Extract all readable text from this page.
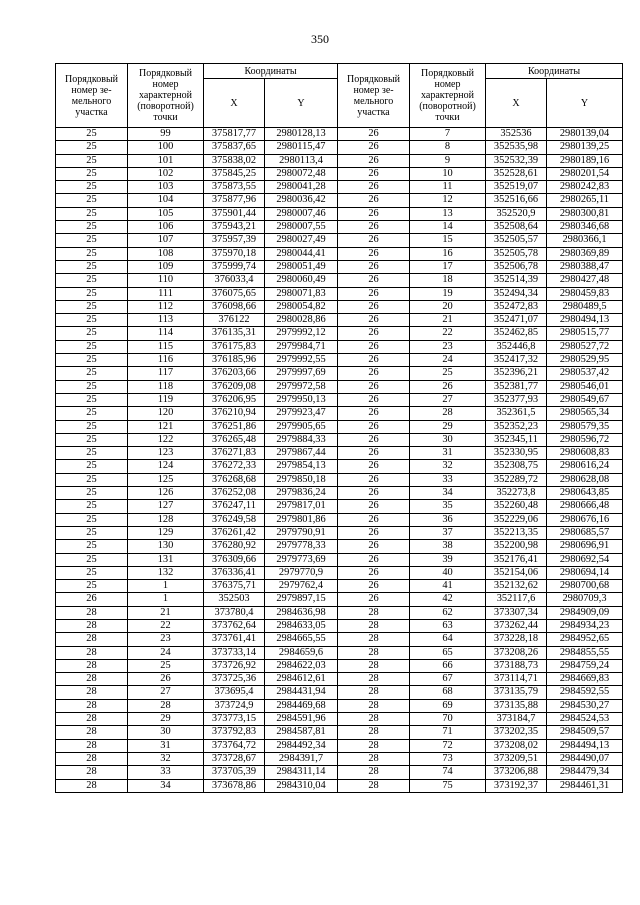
350
Порядковый номер зе-мельного участка	Порядковый номер характерной (поворотной) точки	Координаты		Порядковый номер зе-мельного участка	Порядковый номер характерной (поворотной) точки	Координаты	
		X	Y			X	Y
25	99	375817,77	2980128,13	26	7	352536	2980139,04
25	100	375837,65	2980115,47	26	8	352535,98	2980139,25
25	101	375838,02	2980113,4	26	9	352532,39	2980189,16
25	102	375845,25	2980072,48	26	10	352528,61	2980201,54
25	103	375873,55	2980041,28	26	11	352519,07	2980242,83
25	104	375877,96	2980036,42	26	12	352516,66	2980265,11
25	105	375901,44	2980007,46	26	13	352520,9	2980300,81
25	106	375943,21	2980007,55	26	14	352508,64	2980346,68
25	107	375957,39	2980027,49	26	15	352505,57	2980366,1
25	108	375970,18	2980044,41	26	16	352505,78	2980369,89
25	109	375999,74	2980051,49	26	17	352506,78	2980388,47
25	110	376033,4	2980060,49	26	18	352514,39	2980427,48
25	111	376075,65	2980071,83	26	19	352494,34	2980459,83
25	112	376098,66	2980054,82	26	20	352472,83	2980489,5
25	113	376122	2980028,86	26	21	352471,07	2980494,13
25	114	376135,31	2979992,12	26	22	352462,85	2980515,77
25	115	376175,83	2979984,71	26	23	352446,8	2980527,72
25	116	376185,96	2979992,55	26	24	352417,32	2980529,95
25	117	376203,66	2979997,69	26	25	352396,21	2980537,42
25	118	376209,08	2979972,58	26	26	352381,77	2980546,01
25	119	376206,95	2979950,13	26	27	352377,93	2980549,67
25	120	376210,94	2979923,47	26	28	352361,5	2980565,34
25	121	376251,86	2979905,65	26	29	352352,23	2980579,35
25	122	376265,48	2979884,33	26	30	352345,11	2980596,72
25	123	376271,83	2979867,44	26	31	352330,95	2980608,83
25	124	376272,33	2979854,13	26	32	352308,75	2980616,24
25	125	376268,68	2979850,18	26	33	352289,72	2980628,08
25	126	376252,08	2979836,24	26	34	352273,8	2980643,85
25	127	376247,11	2979817,01	26	35	352260,48	2980666,48
25	128	376249,58	2979801,86	26	36	352229,06	2980676,16
25	129	376261,42	2979790,91	26	37	352213,35	2980685,57
25	130	376280,92	2979778,33	26	38	352200,98	2980696,91
25	131	376309,66	2979773,69	26	39	352176,41	2980692,54
25	132	376336,41	2979770,9	26	40	352154,06	2980694,14
25	1	376375,71	2979762,4	26	41	352132,62	2980700,68
26	1	352503	2979897,15	26	42	352117,6	2980709,3
28	21	373780,4	2984636,98	28	62	373307,34	2984909,09
28	22	373762,64	2984633,05	28	63	373262,44	2984934,23
28	23	373761,41	2984665,55	28	64	373228,18	2984952,65
28	24	373733,14	2984659,6	28	65	373208,26	2984855,55
28	25	373726,92	2984622,03	28	66	373188,73	2984759,24
28	26	373725,36	2984612,61	28	67	373114,71	2984669,83
28	27	373695,4	2984431,94	28	68	373135,79	2984592,55
28	28	373724,9	2984469,68	28	69	373135,88	2984530,27
28	29	373773,15	2984591,96	28	70	373184,7	2984524,53
28	30	373792,83	2984587,81	28	71	373202,35	2984509,57
28	31	373764,72	2984492,34	28	72	373208,02	2984494,13
28	32	373728,67	2984391,7	28	73	373209,51	2984490,07
28	33	373705,39	2984311,14	28	74	373206,88	2984479,34
28	34	373678,86	2984310,04	28	75	373192,37	2984461,31
